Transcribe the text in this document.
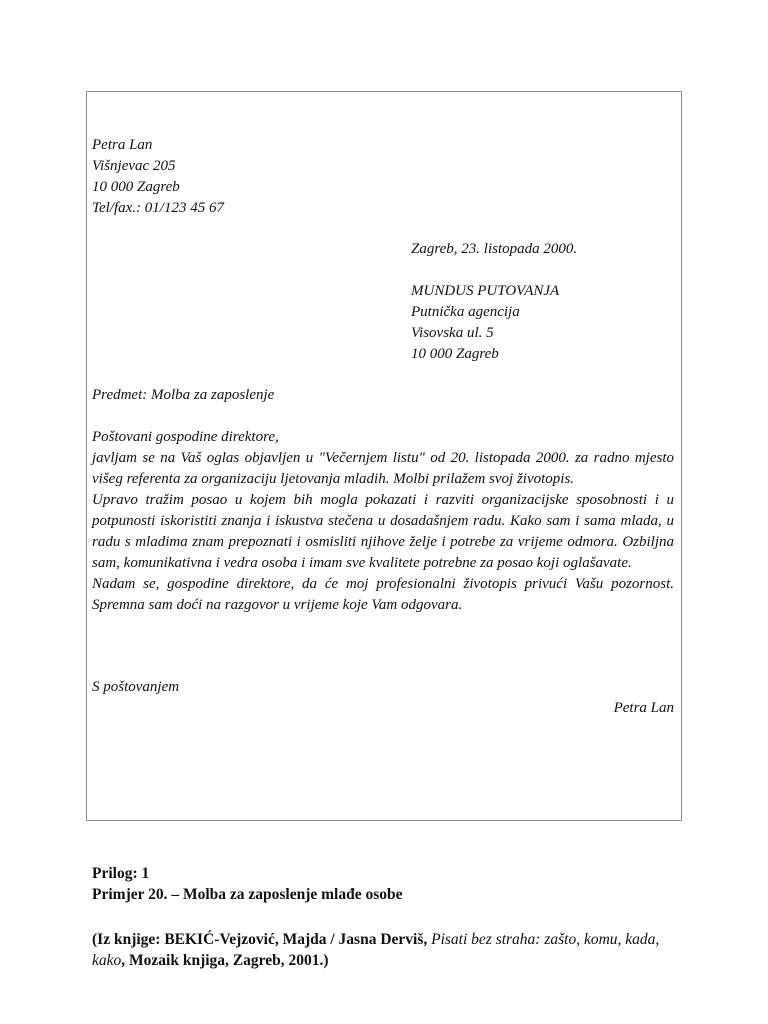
Petra Lan
Višnjevac 205
10 000 Zagreb
Tel/fax.: 01/123 45 67
Zagreb, 23. listopada 2000.
MUNDUS PUTOVANJA
Putnička agencija
Visovska ul. 5
10 000 Zagreb
Predmet: Molba za zaposlenje

Poštovani gospodine direktore,

javljam se na Vaš oglas objavljen u "Večernjem listu" od 20. listopada 2000. za radno mjesto višeg referenta za organizaciju ljetovanja mladih. Molbi prilažem svoj životopis.

Upravo tražim posao u kojem bih mogla pokazati i razviti organizacijske sposobnosti i u potpunosti iskoristiti znanja i iskustva stečena u dosadašnjem radu. Kako sam i sama mlada, u radu s mladima znam prepoznati i osmisliti njihove želje i potrebe za vrijeme odmora. Ozbiljna sam, komunikativna i vedra osoba i imam sve kvalitete potrebne za posao koji oglašavate.

Nadam se, gospodine direktore, da će moj profesionalni životopis privući Vašu pozornost. Spremna sam doći na razgovor u vrijeme koje Vam odgovara.

S poštovanjem
Petra Lan
Prilog: 1
Primjer 20. – Molba za zaposlenje mlađe osobe
(Iz knjige: BEKIĆ-Vejzović, Majda / Jasna Derviš, Pisati bez straha: zašto, komu, kada, kako, Mozaik knjiga, Zagreb, 2001.)
